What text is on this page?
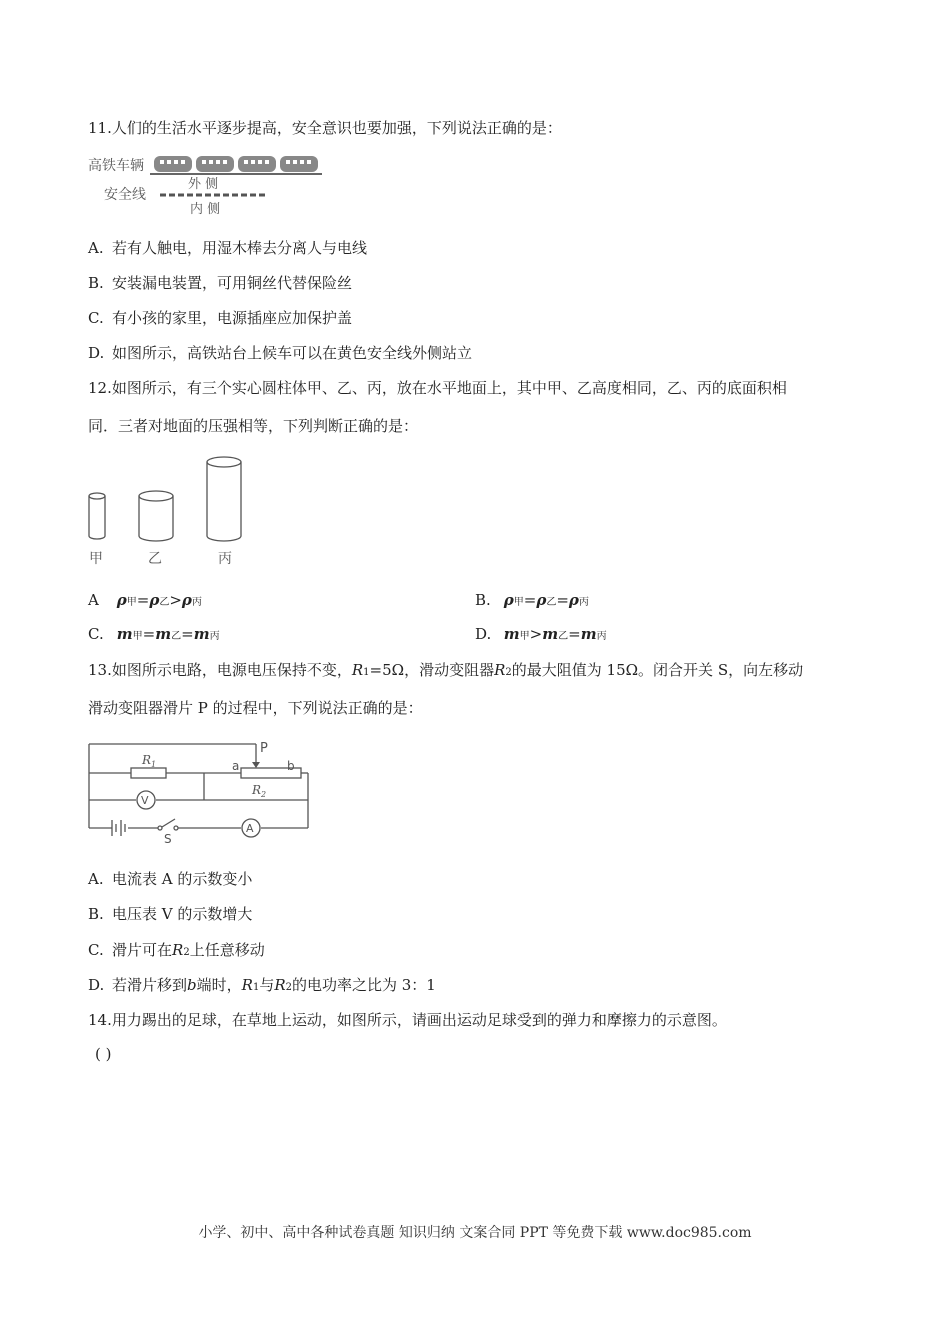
11.人们的生活水平逐步提高，安全意识也要加强，下列说法正确的是：
高铁车辆
安全线
外 侧
内 侧
A. 若有人触电，用湿木棒去分离人与电线
B. 安装漏电装置，可用铜丝代替保险丝
C. 有小孩的家里，电源插座应加保护盖
D. 如图所示，高铁站台上候车可以在黄色安全线外侧站立
12.如图所示，有三个实心圆柱体甲、乙、丙，放在水平地面上，其中甲、乙高度相同，乙、丙的底面积相
同．三者对地面的压强相等，下列判断正确的是：
甲	乙	丙
A ρ甲=ρ乙>ρ丙	B. ρ甲=ρ乙=ρ丙
C. m甲=m乙=m丙	D. m甲>m乙=m丙
13.如图所示电路，电源电压保持不变，R1=5Ω，滑动变阻器R2的最大阻值为 15Ω。闭合开关 S，向左移动
滑动变阻器滑片 P 的过程中，下列说法正确的是：
V
S
A
$R_1$
$R_2$
P
a	b
A. 电流表 A 的示数变小
B. 电压表 V 的示数增大
C. 滑片可在R2上任意移动
D. 若滑片移到b端时，R1与R2的电功率之比为 3：1
14.用力踢出的足球，在草地上运动，如图所示，请画出运动足球受到的弹力和摩擦力的示意图。
( )
小学、初中、高中各种试卷真题 知识归纳 文案合同 PPT 等免费下载 www.doc985.com
